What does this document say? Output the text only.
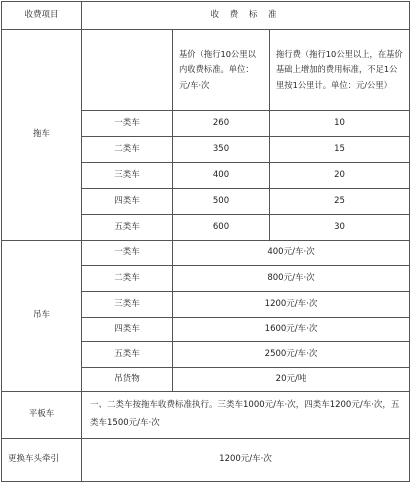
收费项目	收 费 标 准		
拖车		基价（拖行10公里以内收费标准。单位：元/车·次	拖行费（拖行10公里以上，在基价基础上增加的费用标准，不足1公里按1公里计。单位：元/公里）
	一类车	260	10
	二类车	350	15
	三类车	400	20
	四类车	500	25
	五类车	600	30
吊车	一类车	400元/车·次	
	二类车	800元/车·次	
	三类车	1200元/车·次	
	四类车	1600元/车·次	
	五类车	2500元/车·次	
	吊货物	20元/吨	
平板车	一、二类车按拖车收费标准执行。三类车1000元/车·次，四类车1200元/车·次，五类车1500元/车·次		
更换车头牵引	1200元/车·次		
